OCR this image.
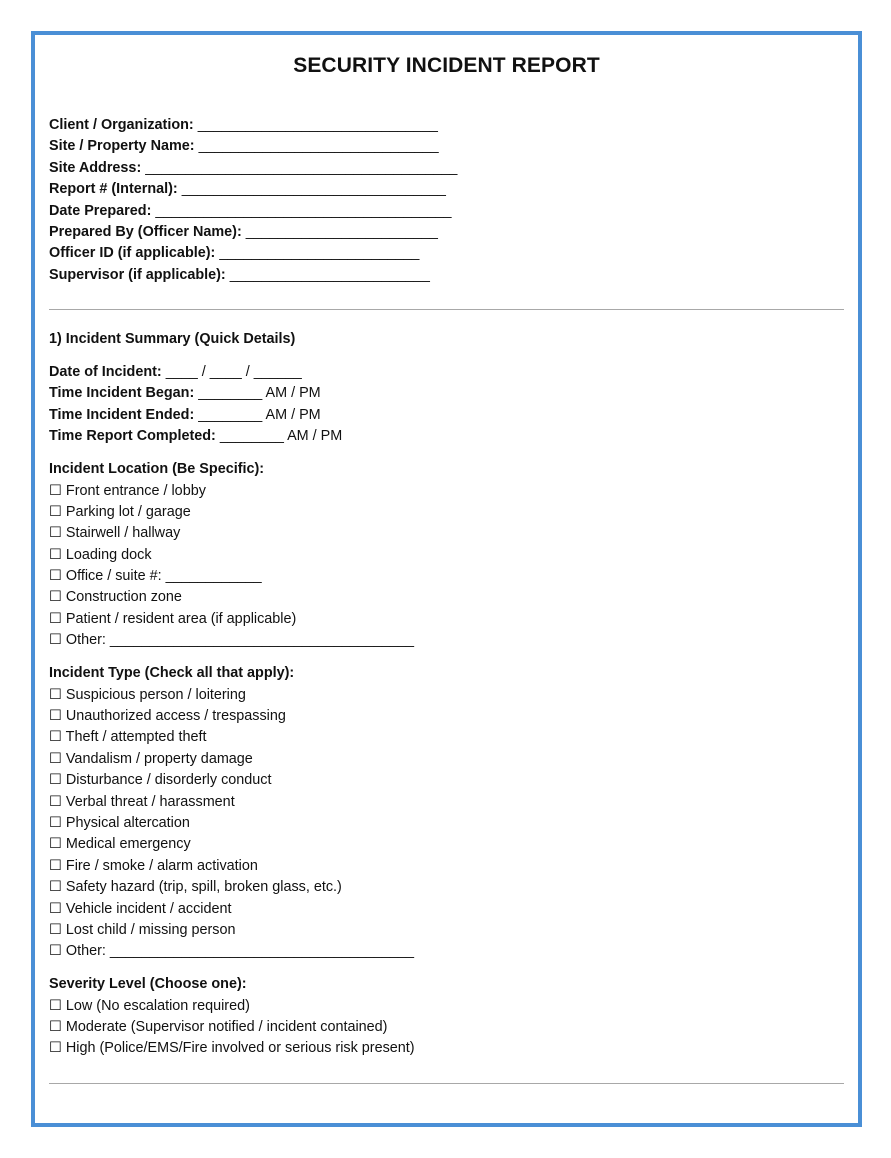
SECURITY INCIDENT REPORT
Client / Organization: ______________________________
Site / Property Name: ______________________________
Site Address: _______________________________________
Report # (Internal): _________________________________
Date Prepared: _____________________________________
Prepared By (Officer Name): ________________________
Officer ID (if applicable): _________________________
Supervisor (if applicable): _________________________
1) Incident Summary (Quick Details)
Date of Incident: ____ / ____ / ______
Time Incident Began: ________ AM / PM
Time Incident Ended: ________ AM / PM
Time Report Completed: ________ AM / PM
Incident Location (Be Specific):
☐ Front entrance / lobby
☐ Parking lot / garage
☐ Stairwell / hallway
☐ Loading dock
☐ Office / suite #: ____________
☐ Construction zone
☐ Patient / resident area (if applicable)
☐ Other: ______________________________________
Incident Type (Check all that apply):
☐ Suspicious person / loitering
☐ Unauthorized access / trespassing
☐ Theft / attempted theft
☐ Vandalism / property damage
☐ Disturbance / disorderly conduct
☐ Verbal threat / harassment
☐ Physical altercation
☐ Medical emergency
☐ Fire / smoke / alarm activation
☐ Safety hazard (trip, spill, broken glass, etc.)
☐ Vehicle incident / accident
☐ Lost child / missing person
☐ Other: ______________________________________
Severity Level (Choose one):
☐ Low (No escalation required)
☐ Moderate (Supervisor notified / incident contained)
☐ High (Police/EMS/Fire involved or serious risk present)
